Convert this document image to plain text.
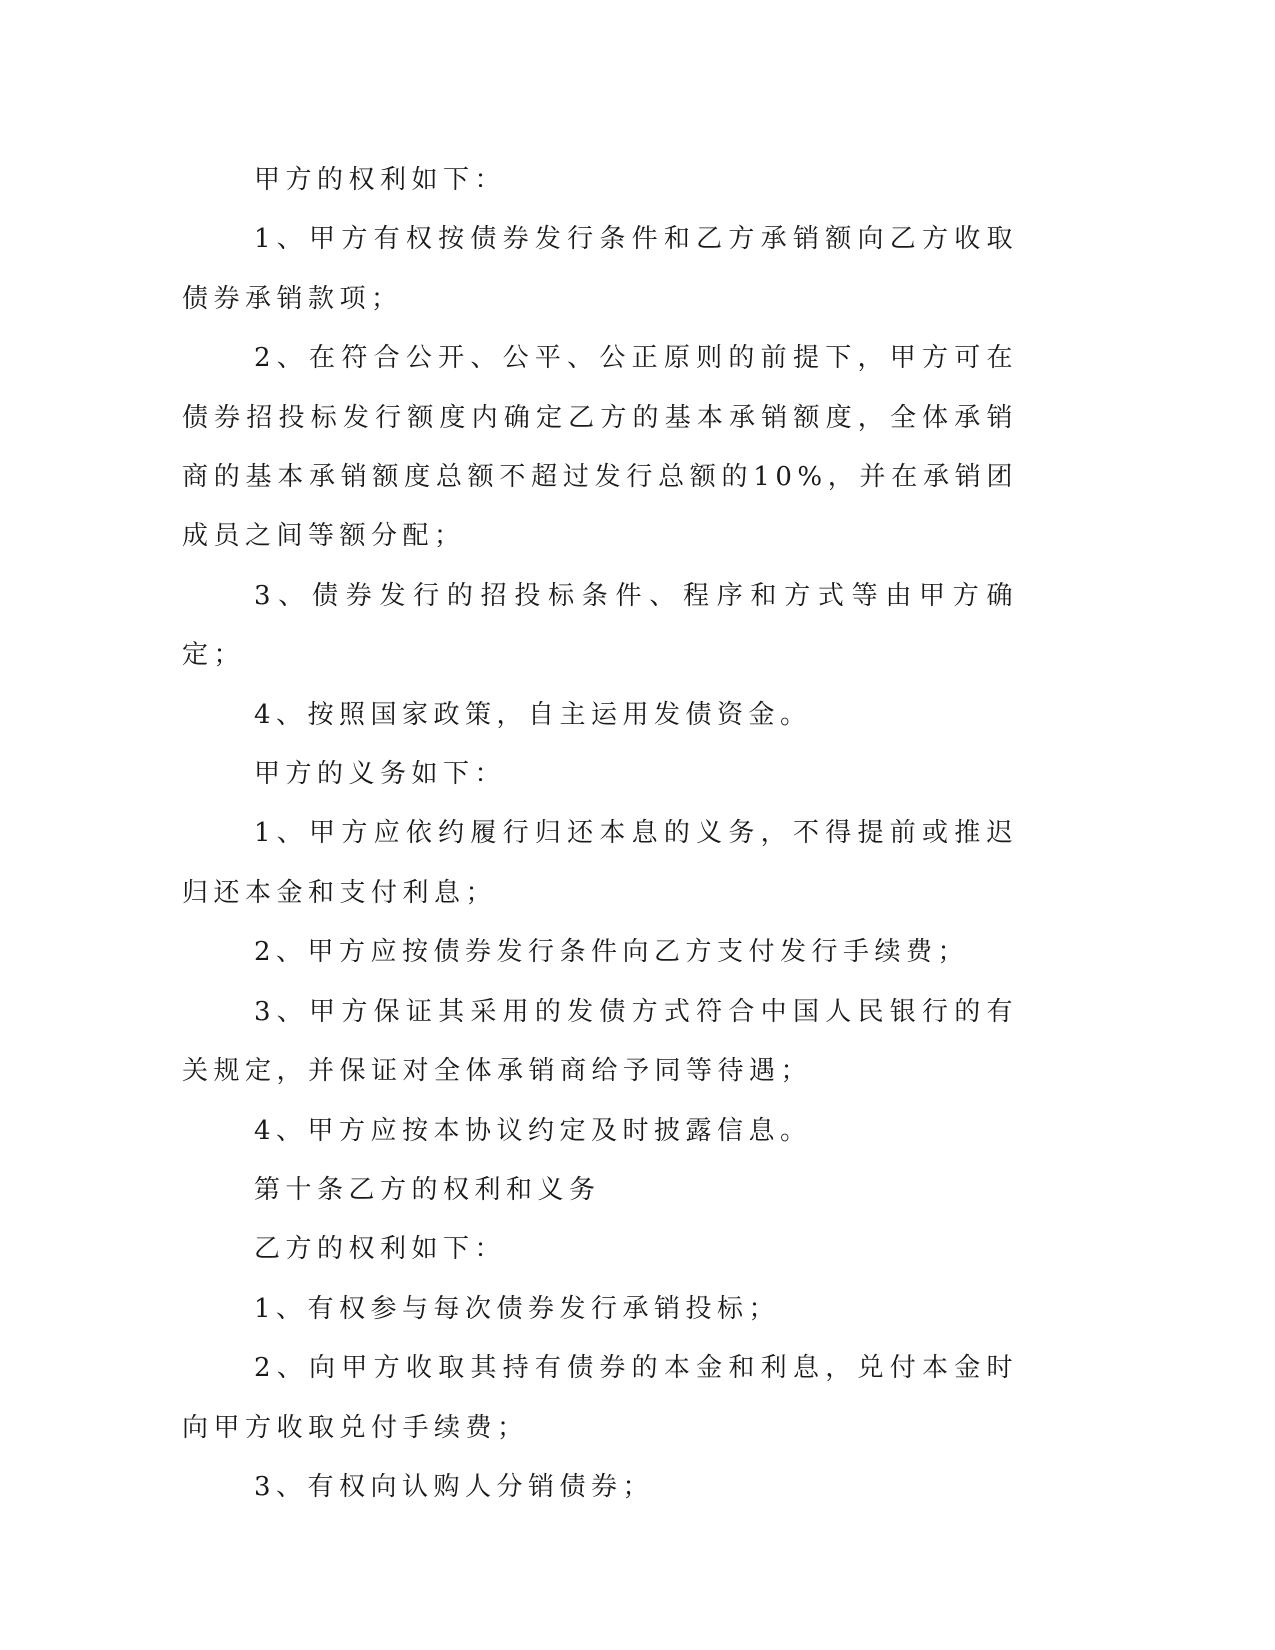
甲方的权利如下：

1、甲方有权按债券发行条件和乙方承销额向乙方收取债券承销款项；

2、在符合公开、公平、公正原则的前提下，甲方可在债券招投标发行额度内确定乙方的基本承销额度，全体承销商的基本承销额度总额不超过发行总额的10%，并在承销团成员之间等额分配；

3、债券发行的招投标条件、程序和方式等由甲方确定；

4、按照国家政策，自主运用发债资金。

甲方的义务如下：

1、甲方应依约履行归还本息的义务，不得提前或推迟归还本金和支付利息；

2、甲方应按债券发行条件向乙方支付发行手续费；

3、甲方保证其采用的发债方式符合中国人民银行的有关规定，并保证对全体承销商给予同等待遇；

4、甲方应按本协议约定及时披露信息。

第十条乙方的权利和义务

乙方的权利如下：

1、有权参与每次债券发行承销投标；

2、向甲方收取其持有债券的本金和利息，兑付本金时向甲方收取兑付手续费；

3、有权向认购人分销债券；
